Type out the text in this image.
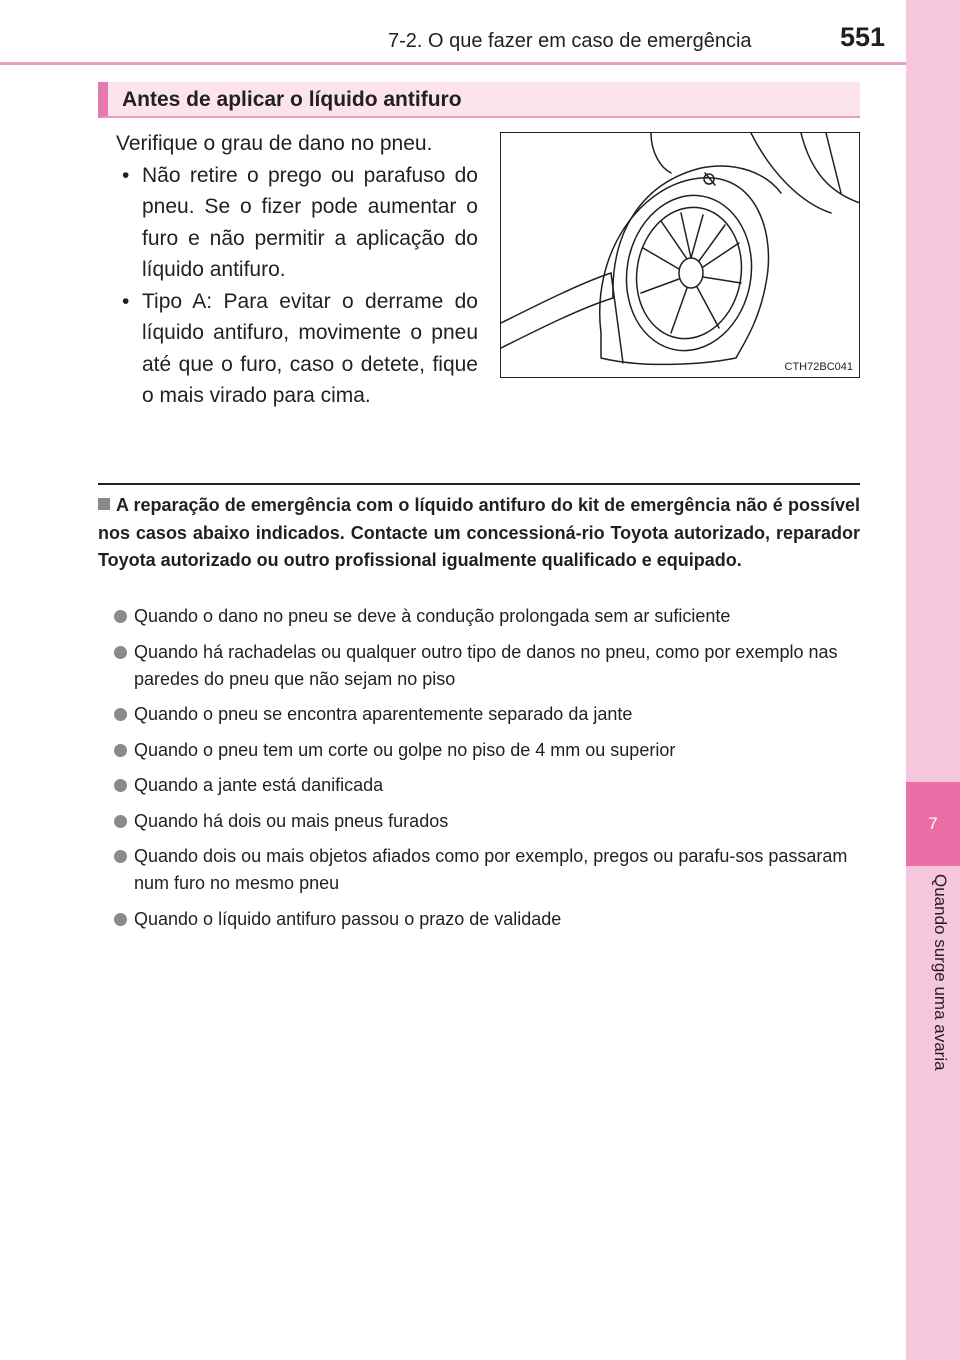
7
Quando surge uma avaria
7-2. O que fazer em caso de emergência	551
Antes de aplicar o líquido antifuro

Verifique o grau de dano no pneu.

• Não retire o prego ou parafuso do pneu. Se o fizer pode aumentar o furo e não permitir a aplicação do líquido antifuro.
• Tipo A: Para evitar o derrame do líquido antifuro, movimente o pneu até que o furo, caso o detete, fique o mais virado para cima.
CTH72BC041
A reparação de emergência com o líquido antifuro do kit de emergência não é possível nos casos abaixo indicados. Contacte um concessioná-rio Toyota autorizado, reparador Toyota autorizado ou outro profissional igualmente qualificado e equipado.
Quando o dano no pneu se deve à condução prolongada sem ar suficiente
Quando há rachadelas ou qualquer outro tipo de danos no pneu, como por exemplo nas paredes do pneu que não sejam no piso
Quando o pneu se encontra aparentemente separado da jante
Quando o pneu tem um corte ou golpe no piso de 4 mm ou superior
Quando a jante está danificada
Quando há dois ou mais pneus furados
Quando dois ou mais objetos afiados como por exemplo, pregos ou parafu-sos passaram num furo no mesmo pneu
Quando o líquido antifuro passou o prazo de validade
